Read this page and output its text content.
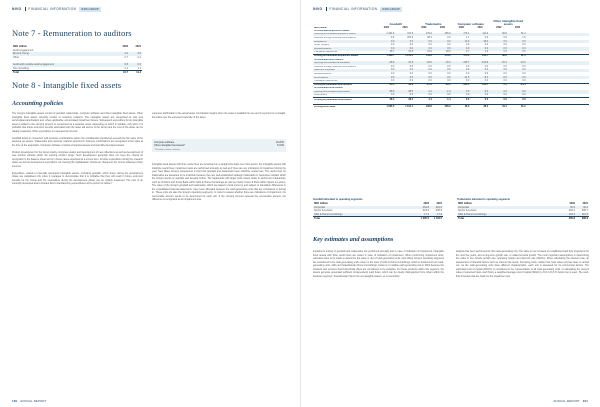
NIVO FINANCIAL INFORMATION	IFRS GROUP
Note 7 - Remuneration to auditors
SEK million	2022	2021
Audit engagement
Ernst & Young	4.2	3.9
Other	0.7	0.1
Audit work outside audit engagement	0.8	0.3
Tax consulting	1.1	1.1
Total	16.7	11.3
Note 8 - Intangible fixed assets
Accounting policies

The Group's intangible assets consist of goodwill, trademarks, computer software and other intangible fixed assets. Other intangible fixed assets primarily consist of customer relations. The intangible assets are recognised at cost less accumulated amortisation and, where applicable, accumulated impairment losses. Subsequent expenditure for an intangible asset is added to the carrying amount or recognised as a separate asset, depending on which is suitable, only when it is probable that future economic benefits associated with the asset will accrue to the Group and the cost of the asset can be reliably measured. Other expenditure is expensed as incurred.

Goodwill arises in connection with business combinations where the consideration transferred exceeds the fair value of the acquired net assets. Trademarks and customer relations acquired in business combinations are recognised at fair value at the time of the acquisition. Computer software consists of acquired assets and internally developed assets.

Product development for the Group mainly comprises design and development of new collections as well as development of new product variants within the existing product range. Such development generally does not meet the criteria for recognition in the balance sheet and is in these cases expensed as a current item. All other expenditure during the research phase as well as development expenditure not meeting the capitalisation criteria are charged to the income statement when incurred.

Expenditure related to internally developed intangible assets, excluding goodwill, which arose during the development phase are capitalised only when it manages to demonstrate that it is probable that they will result in future economic benefits for the Group and the expenditure during the development phase can be reliably measured. The cost of an internally developed asset includes direct manufacturing expenditures and a portion of indirect

expenses attributable to the actual asset. Amortisation begins when the asset is available for use and is reported on a straight-line basis over the expected useful life of the asset.

Computer software	10-20%
Other intangible fixed assets*	5-10%
* Primarily customer relations

Intangible fixed assets with finite useful lives are amortised on a straight-line basis over their period. For intangible assets with indefinite useful lives, impairment tests are performed annually, as well as if there are any indications of impairment during the year. New Wave Group's assessment is that both goodwill and trademarks have indefinite useful lives. The useful lives for trademarks are assessed to be indefinite because they are well-established strategic trademarks in respective markets which the Group intends to maintain and develop further. The trademarks with larger book values relate to well-known trademarks, such as Orrefors and Kosta Boda within Gifts & Home Furnishings as well as mainly Cutter & Buck within Sports & Leisure. The value of the Group's goodwill and trademarks, which are based in local currency and subject to translation differences in the consolidated financial statements, have been allocated between the cash-generating units that are considered to belong to. These units are also the Group's operating segments. In order to assess whether there are indications of impairment, the recoverable amount needs to be determined for each unit. If the carrying amount exceeds the recoverable amount, the difference is recognised as an impairment loss.

100 ANNUAL REPORT
NIVO FINANCIAL INFORMATION	IFRS GROUP
SEK million
Goodwill
2022	2021
Trademarks
2022	2021
Computer software
2022	2021
Other intangible fixed assets
2022	2021
Accumulated acquisition values
Opening accumulated acquisition values	1 151.5	707.9	479.0	256.9	175.1	114.9	66.8	81.2
Acquired through business combinations	9.5	361.9	38.3	0.0	1.1	0.3	0.0	1.5
Acquisitions	0.0	0.0	0.0	0.0	12.9	46.0	0.0	0.0
Under Repairs	0.0	0.0	0.0	0.0	0.0	0.0	0.0	0.0
Reclassifications	0.0	0.0	0.0	0.0	0.0	0.0	0.0	0.0
Translation differences	26.7	63.5	23.9	18.6	2.7	1.9	0.0	0.0
Closing accumulated acquisition values	1 183.7	1 151.5	541.2	479.0	175.0	144.7	66.3	67.0
Accumulated amortisation
Opening accumulated amortisation	-45.8	-37.8	-26.5	-19.4	-135.7	-103.8	-15.4	-24.3
Acquired through business combinations	0.0	0.0	0.0	0.0	0.0	0.0	0.0	0.0
Sales and disposals	0.0	0.0	0.0	0.0	0.0	0.0	0.0	0.0
Reclassifications	0.0	0.0	0.0	0.0	0.0	0.0	0.0	0.0
Amortisations	0.0	0.0	0.0	0.0	-11.5	-8.4	-5.0	-4.0
Translation differences	0.0	0.0	0.0	0.0	0.0	0.0	0.0	0.0
Closing accumulated amortisation	-55.5	-45.8	-27.3	-26.5	-121.5	-114.7	-7.5	-15.4
Accumulated write-downs
Opening accumulated write-downs	-38.5	-38.5	-1.4	-1.4	0.0	0.0	0.0	0.0
Write-downs	0.0	0.0	0.0	0.0	0.0	0.0	0.0	0.0
Closing accumulated write-downs	-28.4	-28.4	-1.4	-1.4	0.0	0.0	0.0	0.0
Closing book value	1 095.5	1 104.1	436.8	356.9	46.3	38.2	19.4	31.2
Goodwill allocated to operating segments
SEK million	2022	2021
Corporate	464.8	401.0
Sports & Leisure	623.9	635.9
Gifts & Home Furnishings	17.3	17.6
Total	1 095.5	1 104.5
Trademarks allocated to operating segments
SEK million	2022	2021
Corporate	30.4	30.4
Sports & Leisure	302.2	305.7
Gifts & Home Furnishings	118.3	115.3
Total	450.8	398.9
Key estimates and assumptions

Impairment testing of goodwill and trademarks are performed annually and in case of indication of impairment. Intangible fixed assets with finite useful lives are tested in case of indication of impairment. When performing impairment tests, estimates have to be made to determine the value in use of cash-generating units. New Wave Group's operating segments are considered to be cash-generating units except in the case of Gifts & Home Furnishings, which is divided into two cash-generating units, Gifts and Scandinavian Home Furnishings. Kosta is in multiple cash-generating unit in 2022 because the products and services that Kosta Boda offers are considered to be separate. For those products within this segment, the assets generate generated sufficient (independent) cash flows, which can be clearly distinguished from others within the business segment. Scandinavian Home has no intangible assets, so no sensitivity

analysis has been performed for this cash-generating unit. The value in use is based on established cash flow projections for the next five years, and a long-term growth rate, or called terminal growth. The most important assumptions in determining the value in use include growth rate, operating margin and discount rate (WACC). When calculating the discount rate, an assessment of financial factors such as interest rate levels, borrowing costs, market risk, beta values and tax rates is carried out. As the cash-generating units have different characteristics, each unit is assessed for its commercial factors. The estimated cost of capital (WACC) is considered to be representative of all cash-generating units. In calculating the present value of expected future cash flows, a weighted average cost of capital (WACC) of 10.1 (8.2) % before tax is used. The cash-flow forecasts that are basis for the impairment test

ANNUAL REPORT 101
